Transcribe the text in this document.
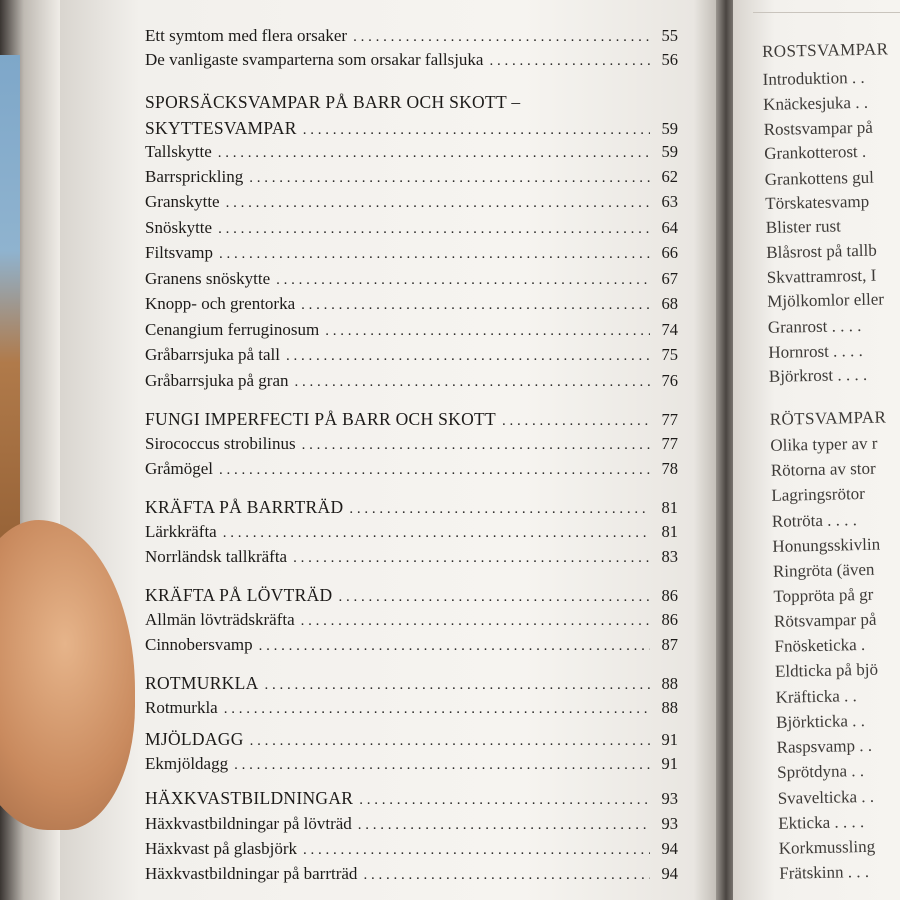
Ett symtom med flera orsaker . . .	55
De vanligaste svamparterna som orsakar fallsjuka . . .	56
SPORSÄCKSVAMPAR PÅ BARR OCH SKOTT –
SKYTTESVAMPAR . . .	59
Tallskytte . . .	59
Barrsprickling . . .	62
Granskytte . . .	63
Snöskytte . . .	64
Filtsvamp . . .	66
Granens snöskytte . . .	67
Knopp- och grentorka . . .	68
Cenangium ferruginosum . . .	74
Gråbarrsjuka på tall . . .	75
Gråbarrsjuka på gran . . .	76
FUNGI IMPERFECTI PÅ BARR OCH SKOTT . . .	77
Sirococcus strobilinus . . .	77
Gråmögel . . .	78
KRÄFTA PÅ BARRTRÄD . . .	81
Lärkkräfta . . .	81
Norrländsk tallkräfta . . .	83
KRÄFTA PÅ LÖVTRÄD . . .	86
Allmän lövträdskräfta . . .	86
Cinnobersvamp . . .	87
ROTMURKLA . . .	88
Rotmurkla . . .	88
MJÖLDAGG . . .	91
Ekmjöldagg . . .	91
HÄXKVASTBILDNINGAR . . .	93
Häxkvastbildningar på lövträd . . .	93
Häxkvast på glasbjörk . . .	94
Häxkvastbildningar på barrträd . . .	94
ROSTSVAMPAR
Introduktion . .
Knäckesjuka . .
Rostsvampar på
Grankotterost .
Grankottens gul
Törskatesvamp
Blister rust
Blåsrost på tallb
Skvattramrost, I
Mjölkomlor eller
Granrost . . . .
Hornrost . . . .
Björkrost . . . .
RÖTSVAMPAR
Olika typer av r
Rötorna av stor
Lagringsrötor
Rotröta . . . .
Honungsskivlin
Ringröta (även
Toppröta på gr
Rötsvampar på
Fnösketicka .
Eldticka på bjö
Kräfticka . .
Björkticka . .
Raspsvamp . .
Sprötdyna . .
Svavelticka . .
Ekticka . . . .
Korkmussling
Frätskinn . . .
